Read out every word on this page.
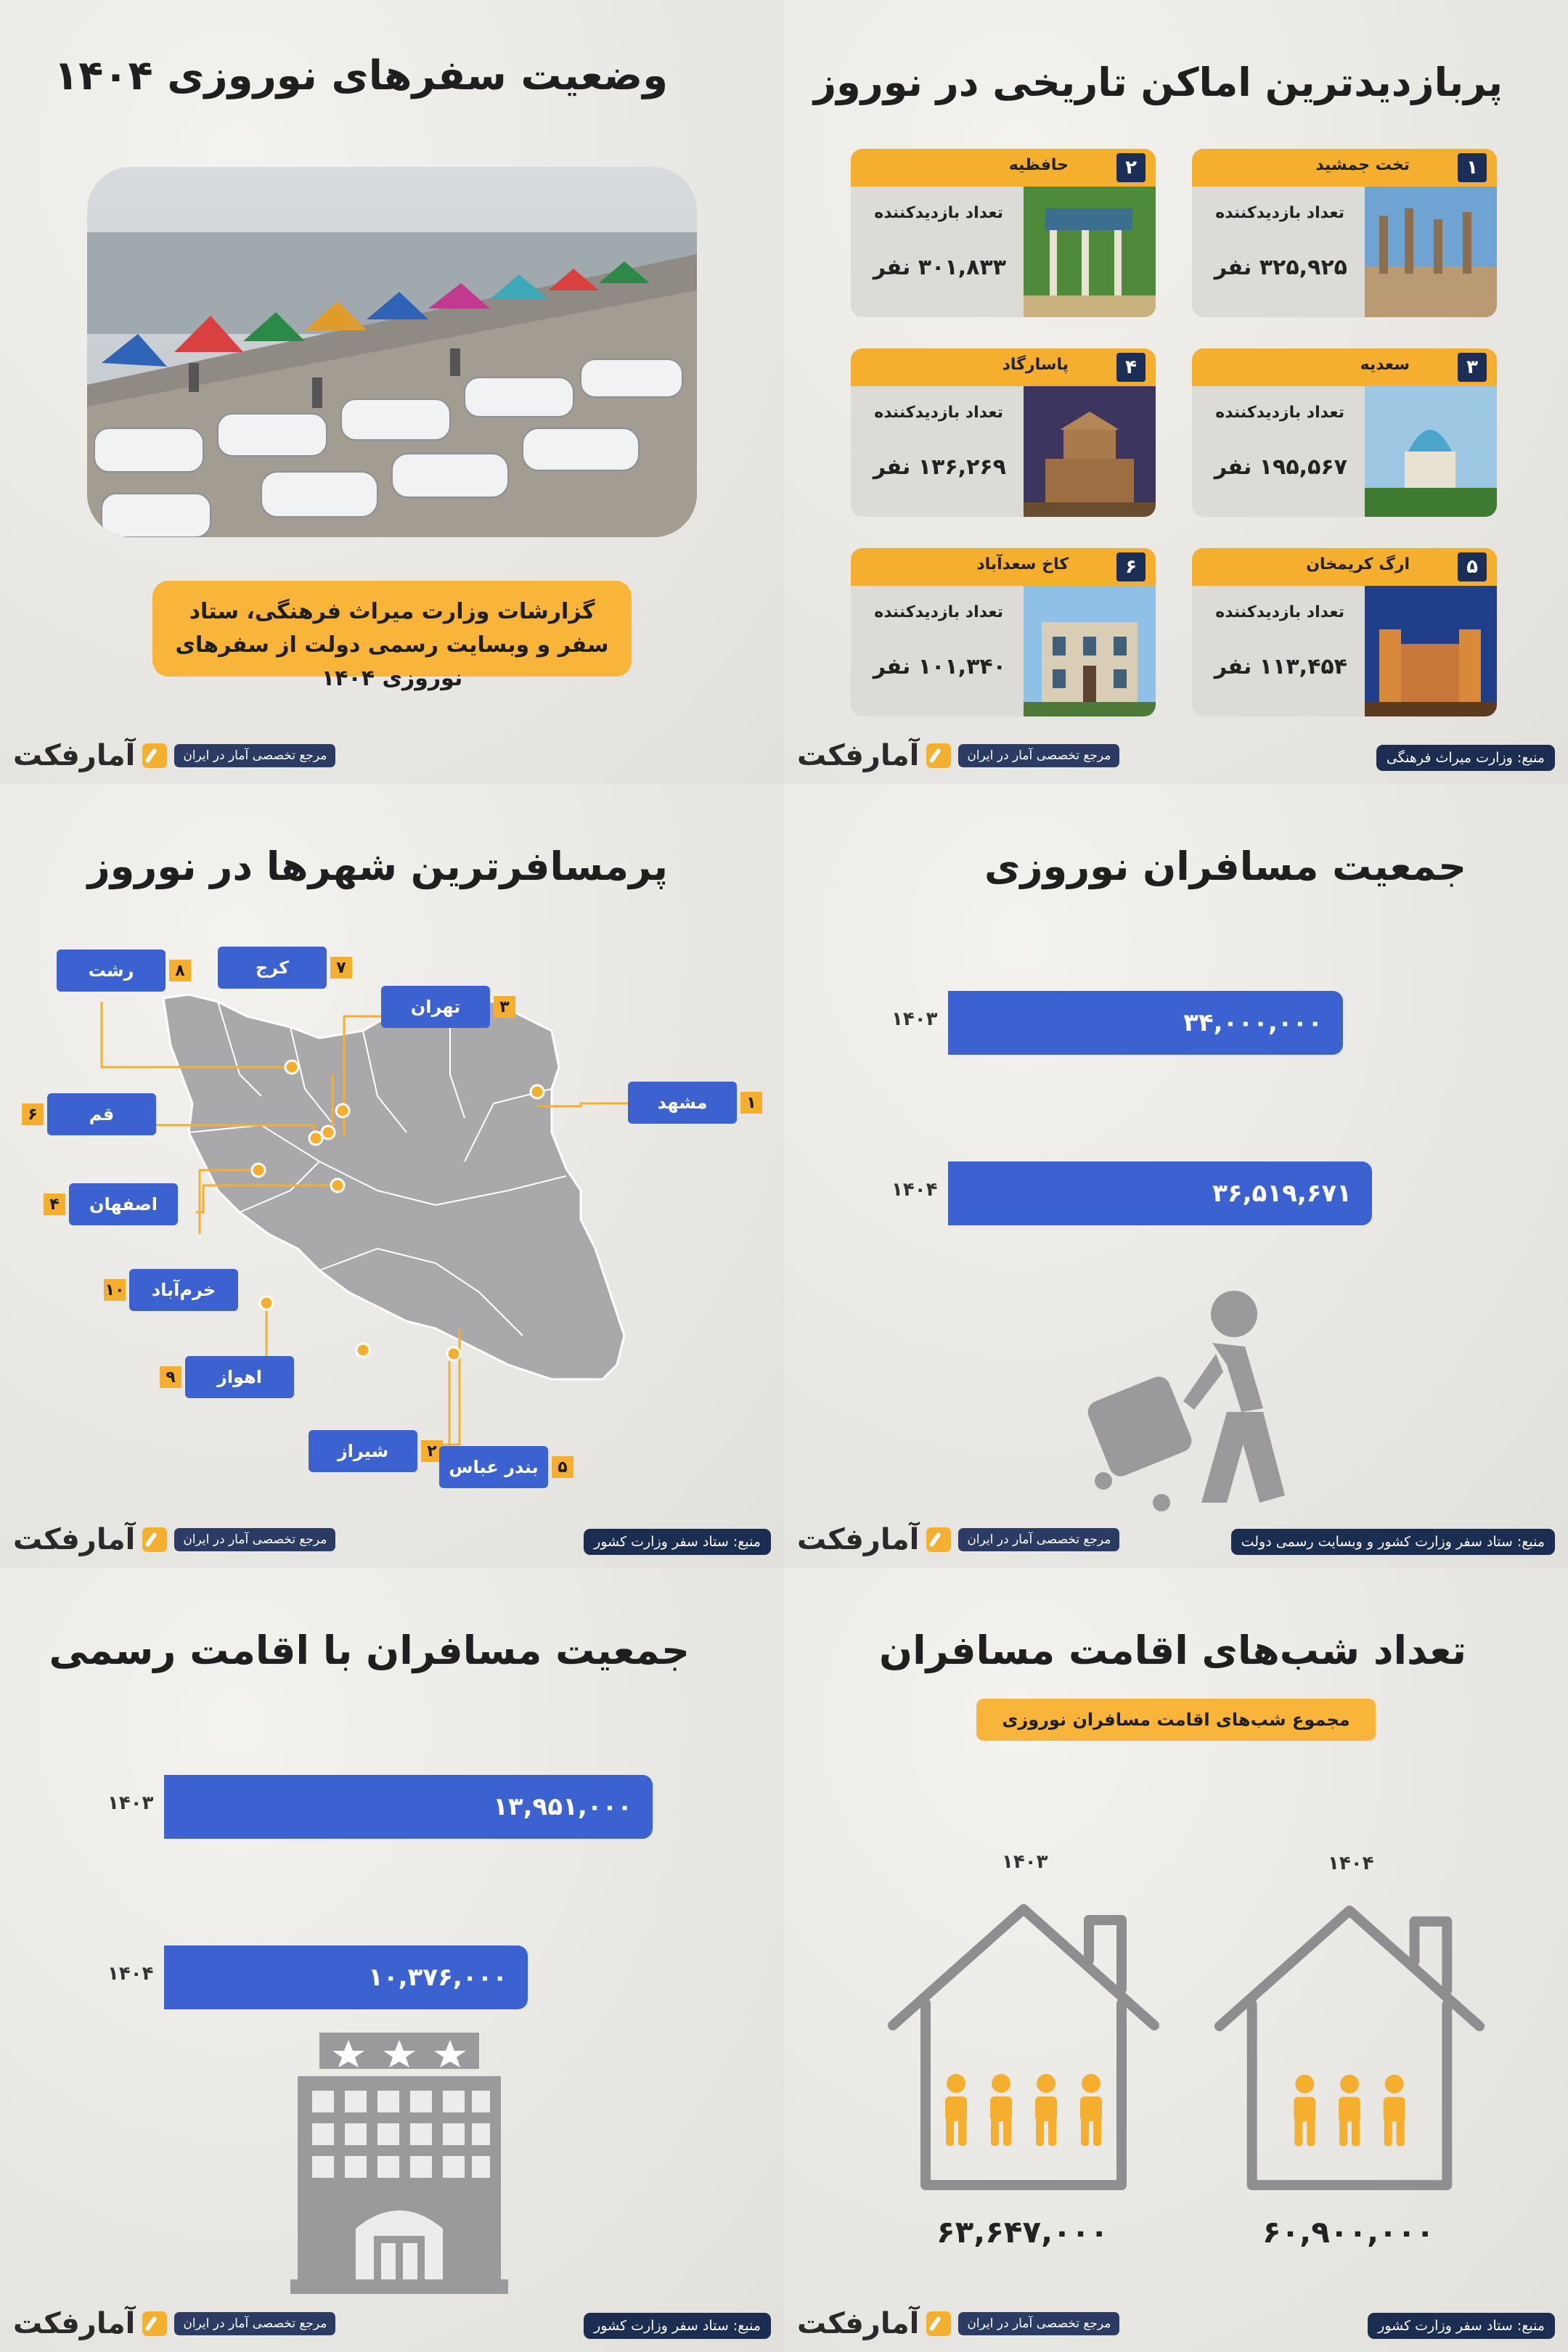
وضعیت سفرهای نوروزی ۱۴۰۴
گزارشات وزارت میراث فرهنگی، ستاد سفر و وبسایت رسمی دولت از سفرهای نوروزی ۱۴۰۴
آمارفکت	مرجع تخصصی آمار در ایران
پربازدیدترین اماکن تاریخی در نوروز
۱
تخت جمشید
تعداد بازدیدکننده
۳۲۵,۹۲۵ نفر
۲
حافظیه
تعداد بازدیدکننده
۳۰۱,۸۳۳ نفر
۳
سعدیه
تعداد بازدیدکننده
۱۹۵,۵۶۷ نفر
۴
پاسارگاد
تعداد بازدیدکننده
۱۳۶,۲۶۹ نفر
۵
ارگ کریمخان
تعداد بازدیدکننده
۱۱۳,۴۵۴ نفر
۶
کاخ سعدآباد
تعداد بازدیدکننده
۱۰۱,۳۴۰ نفر
آمارفکت	مرجع تخصصی آمار در ایران	منبع: وزارت میراث فرهنگی
پرمسافرترین شهرها در نوروز
مشهد	۱
شیراز	۲
تهران	۳
اصفهان
۴
بندر عباس	۵
قم
۶
کرج	۷
رشت	۸
اهواز
۹
خرم‌آباد
۱۰
آمارفکت	مرجع تخصصی آمار در ایران	منبع: ستاد سفر وزارت کشور
جمعیت مسافران نوروزی
۱۴۰۳	۳۴,۰۰۰,۰۰۰
۱۴۰۴	۳۶,۵۱۹,۶۷۱
آمارفکت	مرجع تخصصی آمار در ایران	منبع: ستاد سفر وزارت کشور و وبسایت رسمی دولت
جمعیت مسافران با اقامت رسمی
۱۴۰۳	۱۳,۹۵۱,۰۰۰
۱۴۰۴	۱۰,۳۷۶,۰۰۰
آمارفکت	مرجع تخصصی آمار در ایران	منبع: ستاد سفر وزارت کشور
تعداد شب‌های اقامت مسافران
مجموع شب‌های اقامت مسافران نوروزی
۱۴۰۳
۶۳,۶۴۷,۰۰۰
۱۴۰۴
۶۰,۹۰۰,۰۰۰
آمارفکت	مرجع تخصصی آمار در ایران	منبع: ستاد سفر وزارت کشور
